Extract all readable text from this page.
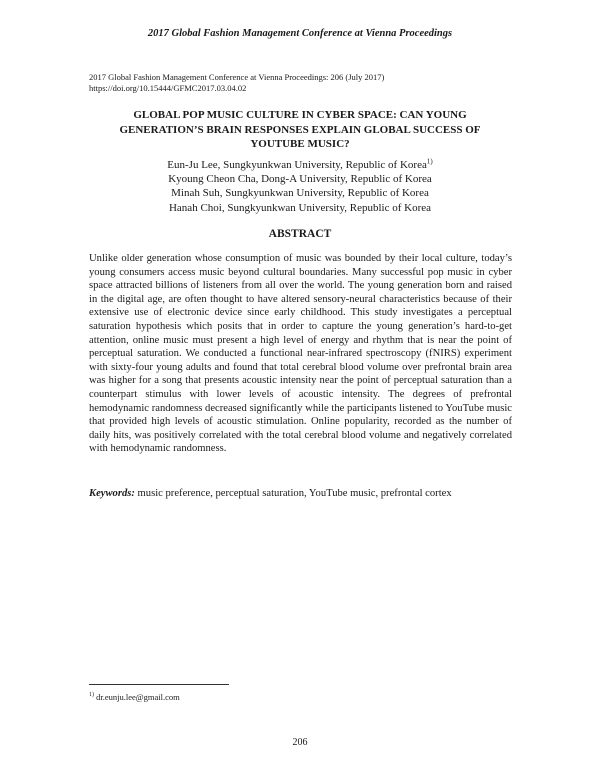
2017 Global Fashion Management Conference at Vienna Proceedings
2017 Global Fashion Management Conference at Vienna Proceedings: 206 (July 2017)
https://doi.org/10.15444/GFMC2017.03.04.02
GLOBAL POP MUSIC CULTURE IN CYBER SPACE: CAN YOUNG
GENERATION’S BRAIN RESPONSES EXPLAIN GLOBAL SUCCESS OF
YOUTUBE MUSIC?
Eun-Ju Lee, Sungkyunkwan University, Republic of Korea$^{1)}$
Kyoung Cheon Cha, Dong-A University, Republic of Korea
Minah Suh, Sungkyunkwan University, Republic of Korea
Hanah Choi, Sungkyunkwan University, Republic of Korea
ABSTRACT
Unlike older generation whose consumption of music was bounded by their local culture, today’s young consumers access music beyond cultural boundaries. Many successful pop music in cyber space attracted billions of listeners from all over the world. The young generation born and raised in the digital age, are often thought to have altered sensory-neural characteristics because of their extensive use of electronic device since early childhood. This study investigates a perceptual saturation hypothesis which posits that in order to capture the young generation’s hard-to-get attention, online music must present a high level of energy and rhythm that is near the point of perceptual saturation. We conducted a functional near-infrared spectroscopy (fNIRS) experiment with sixty-four young adults and found that total cerebral blood volume over prefrontal brain area was higher for a song that presents acoustic intensity near the point of perceptual saturation than a counterpart stimulus with lower levels of acoustic intensity. The degrees of prefrontal hemodynamic randomness decreased significantly while the participants listened to YouTube music that provided high levels of acoustic stimulation. Online popularity, recorded as the number of daily hits, was positively correlated with the total cerebral blood volume and negatively correlated with hemodynamic randomness.
Keywords: music preference, perceptual saturation, YouTube music, prefrontal cortex
$^{1)}$ dr.eunju.lee@gmail.com
206
